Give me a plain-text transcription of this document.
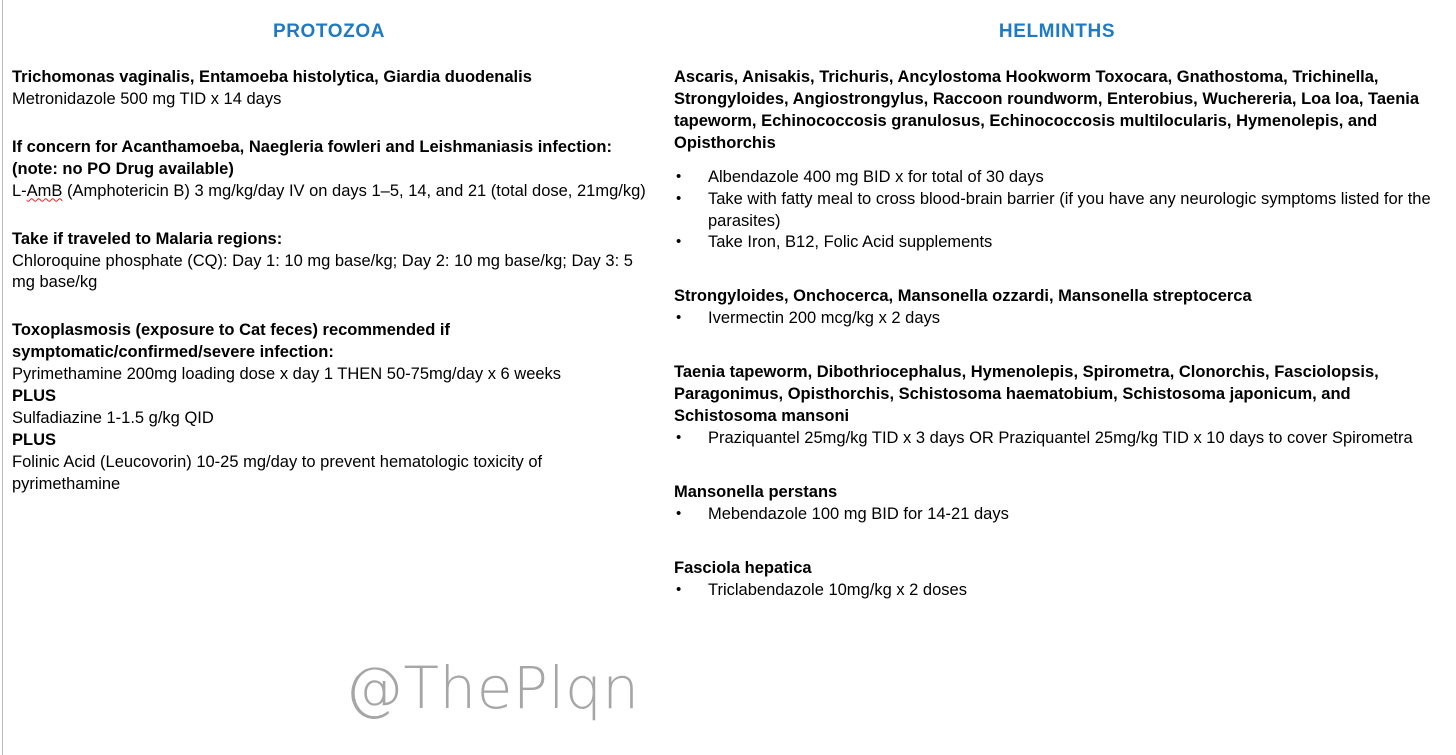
PROTOZOA

Trichomonas vaginalis, Entamoeba histolytica, Giardia duodenalis

Metronidazole 500 mg TID x 14 days

If concern for Acanthamoeba, Naegleria fowleri and Leishmaniasis infection: (note: no PO Drug available)

L-AmB (Amphotericin B) 3 mg/kg/day IV on days 1–5, 14, and 21 (total dose, 21mg/kg)

Take if traveled to Malaria regions:

Chloroquine phosphate (CQ): Day 1: 10 mg base/kg; Day 2: 10 mg base/kg; Day 3: 5 mg base/kg

Toxoplasmosis (exposure to Cat feces) recommended if symptomatic/confirmed/severe infection:

Pyrimethamine 200mg loading dose x day 1 THEN 50-75mg/day x 6 weeks

PLUS

Sulfadiazine 1-1.5 g/kg QID

PLUS

Folinic Acid (Leucovorin) 10-25 mg/day to prevent hematologic toxicity of pyrimethamine

HELMINTHS

Ascaris, Anisakis, Trichuris, Ancylostoma Hookworm Toxocara, Gnathostoma, Trichinella, Strongyloides, Angiostrongylus, Raccoon roundworm, Enterobius, Wuchereria, Loa loa, Taenia tapeworm, Echinococcosis granulosus, Echinococcosis multilocularis, Hymenolepis, and Opisthorchis

• Albendazole 400 mg BID x for total of 30 days
• Take with fatty meal to cross blood-brain barrier (if you have any neurologic symptoms listed for the parasites)
• Take Iron, B12, Folic Acid supplements

Strongyloides, Onchocerca, Mansonella ozzardi, Mansonella streptocerca

• Ivermectin 200 mcg/kg x 2 days

Taenia tapeworm, Dibothriocephalus, Hymenolepis, Spirometra, Clonorchis, Fasciolopsis, Paragonimus, Opisthorchis, Schistosoma haematobium, Schistosoma japonicum, and Schistosoma mansoni

• Praziquantel 25mg/kg TID x 3 days OR Praziquantel 25mg/kg TID x 10 days to cover Spirometra

Mansonella perstans

• Mebendazole 100 mg BID for 14-21 days

Fasciola hepatica

• Triclabendazole 10mg/kg x 2 doses
@ThePlqn
